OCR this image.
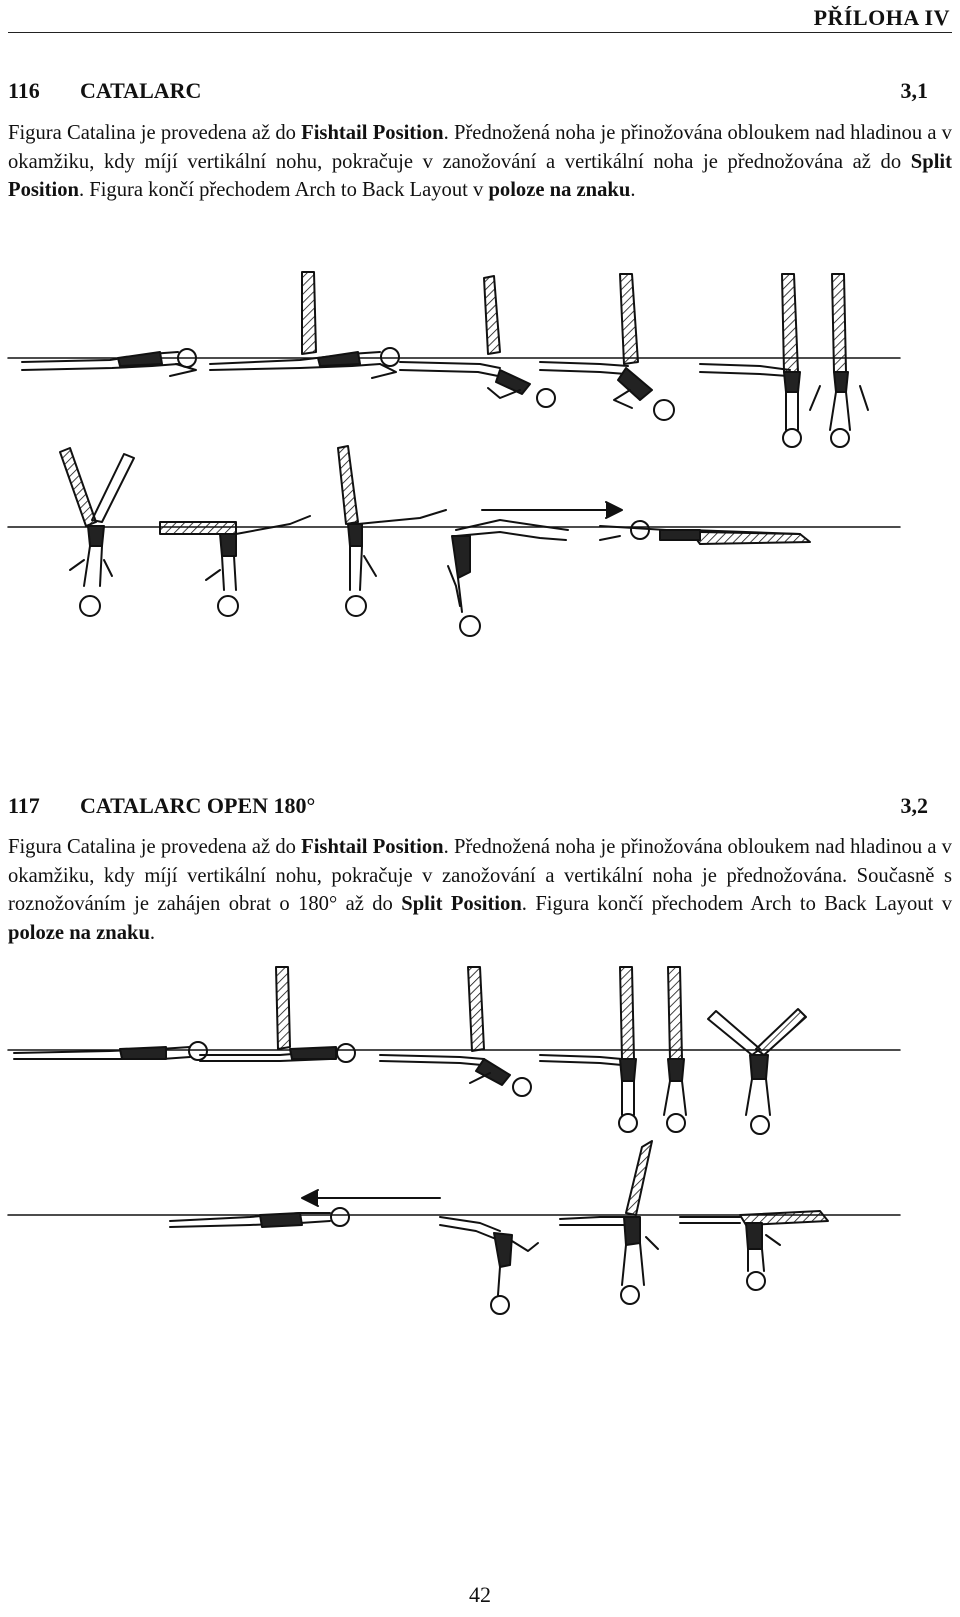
PŘÍLOHA IV
116 CATALARC	3,1

Figura Catalina je provedena až do Fishtail Position. Přednožená noha je přinožována obloukem nad hladinou a v okamžiku, kdy míjí vertikální nohu, pokračuje v zanožování a vertikální noha je přednožována až do Split Position. Figura končí přechodem Arch to Back Layout v poloze na znaku.

117 CATALARC OPEN 180°	3,2

Figura Catalina je provedena až do Fishtail Position. Přednožená noha je přinožována obloukem nad hladinou a v okamžiku, kdy míjí vertikální nohu, pokračuje v zanožování a vertikální noha je přednožována. Současně s roznožováním je zahájen obrat o 180° až do Split Position. Figura končí přechodem Arch to Back Layout v poloze na znaku.

42
